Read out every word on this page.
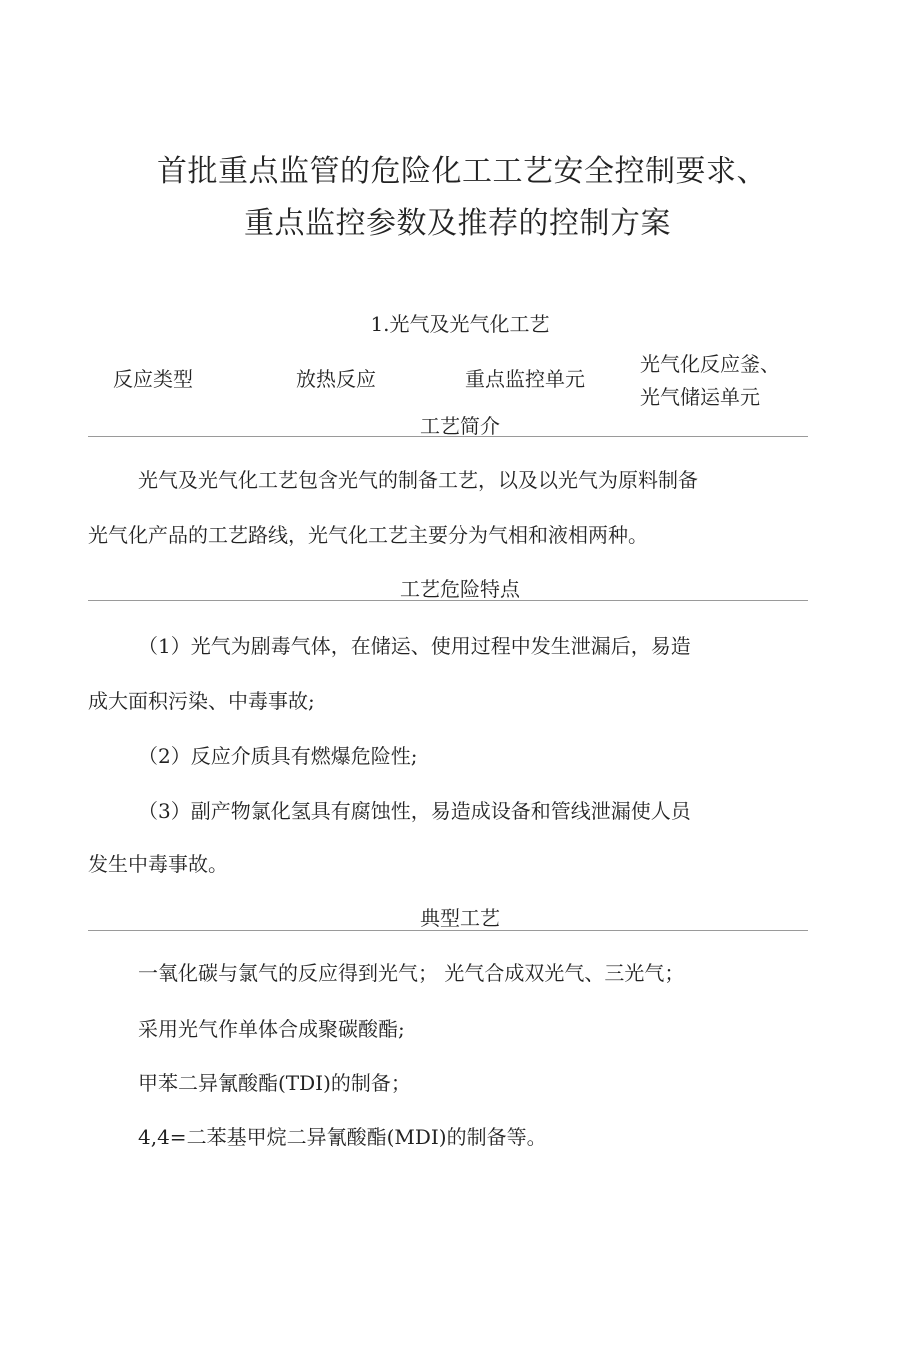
首批重点监管的危险化工工艺安全控制要求、
重点监控参数及推荐的控制方案
1.光气及光气化工艺
反应类型	放热反应	重点监控单元
光气化反应釜、
光气储运单元
工艺简介
光气及光气化工艺包含光气的制备工艺，以及以光气为原料制备
光气化产品的工艺路线，光气化工艺主要分为气相和液相两种。
工艺危险特点
（1）光气为剧毒气体，在储运、使用过程中发生泄漏后，易造
成大面积污染、中毒事故;
（2）反应介质具有燃爆危险性;
（3）副产物氯化氢具有腐蚀性，易造成设备和管线泄漏使人员
发生中毒事故。
典型工艺
一氧化碳与氯气的反应得到光气； 光气合成双光气、三光气；
采用光气作单体合成聚碳酸酯;
甲苯二异氰酸酯(TDI)的制备；
4,4=二苯基甲烷二异氰酸酯(MDI)的制备等。
